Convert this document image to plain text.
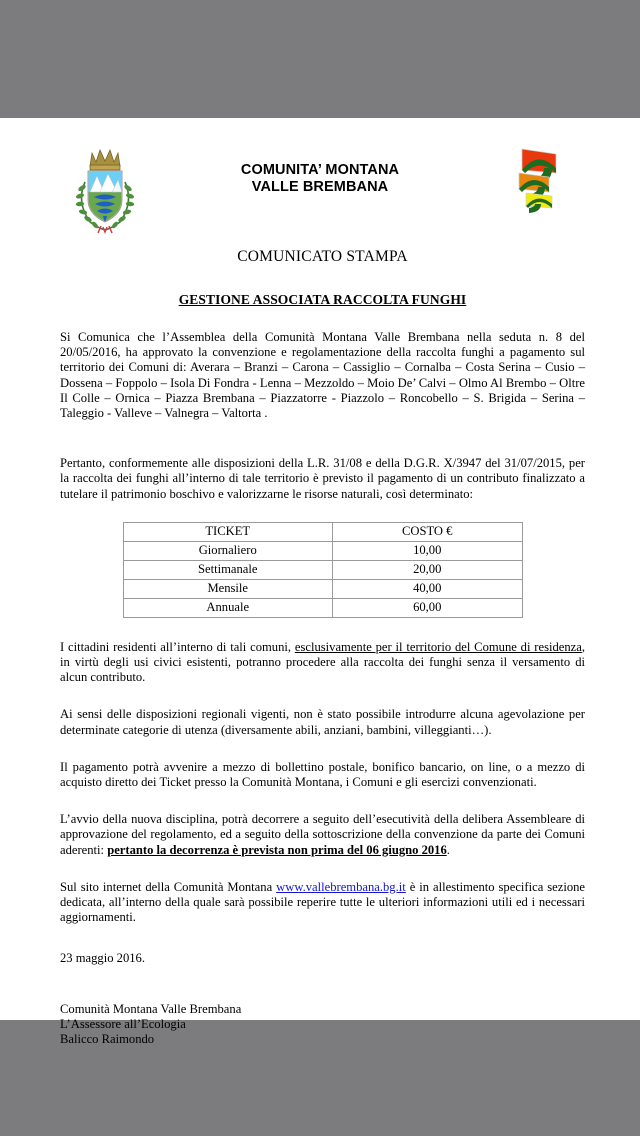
COMUNITA’ MONTANA
VALLE BREMBANA
COMUNICATO STAMPA
GESTIONE ASSOCIATA RACCOLTA FUNGHI

Si Comunica che l’Assemblea della Comunità Montana Valle Brembana nella seduta n. 8 del 20/05/2016, ha approvato la convenzione e regolamentazione della raccolta funghi a pagamento sul territorio dei Comuni di: Averara – Branzi – Carona – Cassiglio – Cornalba – Costa Serina – Cusio – Dossena – Foppolo – Isola Di Fondra - Lenna – Mezzoldo – Moio De’ Calvi – Olmo Al Brembo – Oltre Il Colle – Ornica – Piazza Brembana – Piazzatorre - Piazzolo – Roncobello – S. Brigida – Serina – Taleggio - Valleve – Valnegra – Valtorta .

Pertanto, conformemente alle disposizioni della L.R. 31/08 e della D.G.R. X/3947 del 31/07/2015, per la raccolta dei funghi all’interno di tale territorio è previsto il pagamento di un contributo finalizzato a tutelare il patrimonio boschivo e valorizzarne le risorse naturali, così determinato:

TICKET	COSTO €
Giornaliero	10,00
Settimanale	20,00
Mensile	40,00
Annuale	60,00

I cittadini residenti all’interno di tali comuni, esclusivamente per il territorio del Comune di residenza, in virtù degli usi civici esistenti, potranno procedere alla raccolta dei funghi senza il versamento di alcun contributo.

Ai sensi delle disposizioni regionali vigenti, non è stato possibile introdurre alcuna agevolazione per determinate categorie di utenza (diversamente abili, anziani, bambini, villeggianti…).

Il pagamento potrà avvenire a mezzo di bollettino postale, bonifico bancario, on line, o a mezzo di acquisto diretto dei Ticket presso la Comunità Montana, i Comuni e gli esercizi convenzionati.

L’avvio della nuova disciplina, potrà decorrere a seguito dell’esecutività della delibera Assembleare di approvazione del regolamento, ed a seguito della sottoscrizione della convenzione da parte dei Comuni aderenti: pertanto la decorrenza è prevista non prima del 06 giugno 2016.

Sul sito internet della Comunità Montana www.vallebrembana.bg.it è in allestimento specifica sezione dedicata, all’interno della quale sarà possibile reperire tutte le ulteriori informazioni utili ed i necessari aggiornamenti.

23 maggio 2016.

Comunità Montana Valle Brembana
L’Assessore all’Ecologia
Balicco Raimondo
